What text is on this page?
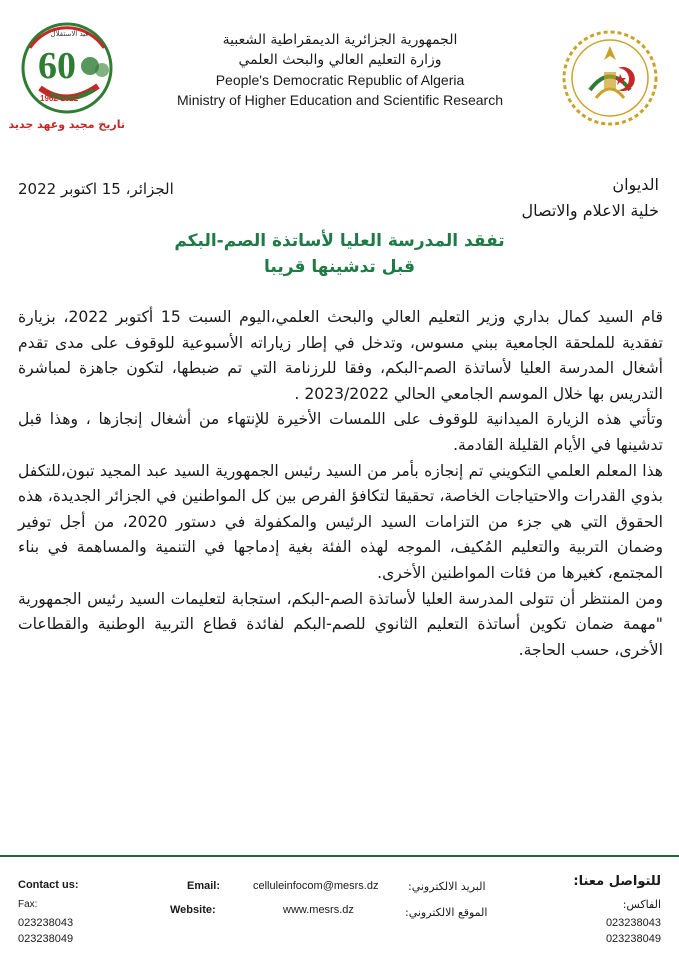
الجمهورية الجزائرية الديمقراطية الشعبية
وزارة التعليم العالي والبحث العلمي
People's Democratic Republic of Algeria
Ministry of Higher Education and Scientific Research
عيد الاستقلال
60
1962-2022
تاريخ مجيد وعهد جديد
الجزائر، 15 اكتوبر 2022	الديوان
خلية الاعلام والاتصال
تفقد المدرسة العليا لأساتذة الصم-البكم
قبل تدشينها قريبا

قام السيد كمال بداري وزير التعليم العالي والبحث العلمي،اليوم السبت 15 أكتوبر 2022، بزيارة تفقدية للملحقة الجامعية ببني مسوس، وتدخل في إطار زياراته الأسبوعية للوقوف على مدى تقدم أشغال المدرسة العليا لأساتذة الصم-البكم، وفقا للرزنامة التي تم ضبطها، لتكون جاهزة لمباشرة التدريس بها خلال الموسم الجامعي الحالي 2023/2022 .

وتأتي هذه الزيارة الميدانية للوقوف على اللمسات الأخيرة للإنتهاء من أشغال إنجازها ، وهذا قبل تدشينها في الأيام القليلة القادمة.

هذا المعلم العلمي التكويني تم إنجازه بأمر من السيد رئيس الجمهورية السيد عبد المجيد تبون،للتكفل بذوي القدرات والاحتياجات الخاصة، تحقيقا لتكافؤ الفرص بين كل المواطنين في الجزائر الجديدة، هذه الحقوق التي هي جزء من التزامات السيد الرئيس والمكفولة في دستور 2020، من أجل توفير وضمان التربية والتعليم المُكيف، الموجه لهذه الفئة بغية إدماجها في التنمية والمساهمة في بناء المجتمع، كغيرها من فئات المواطنين الأخرى.

ومن المنتظر أن تتولى المدرسة العليا لأساتذة الصم-البكم، استجابة لتعليمات السيد رئيس الجمهورية "مهمة ضمان تكوين أساتذة التعليم الثانوي للصم-البكم لفائدة قطاع التربية الوطنية والقطاعات الأخرى، حسب الحاجة.

Contact us:
Fax:
023238043
023238049
Email:	celluleinfocom@mesrs.dz	البريد الالكتروني:
Website:	www.mesrs.dz	الموقع الالكتروني:
للتواصل معنا:
الفاكس:
023238043
023238049
